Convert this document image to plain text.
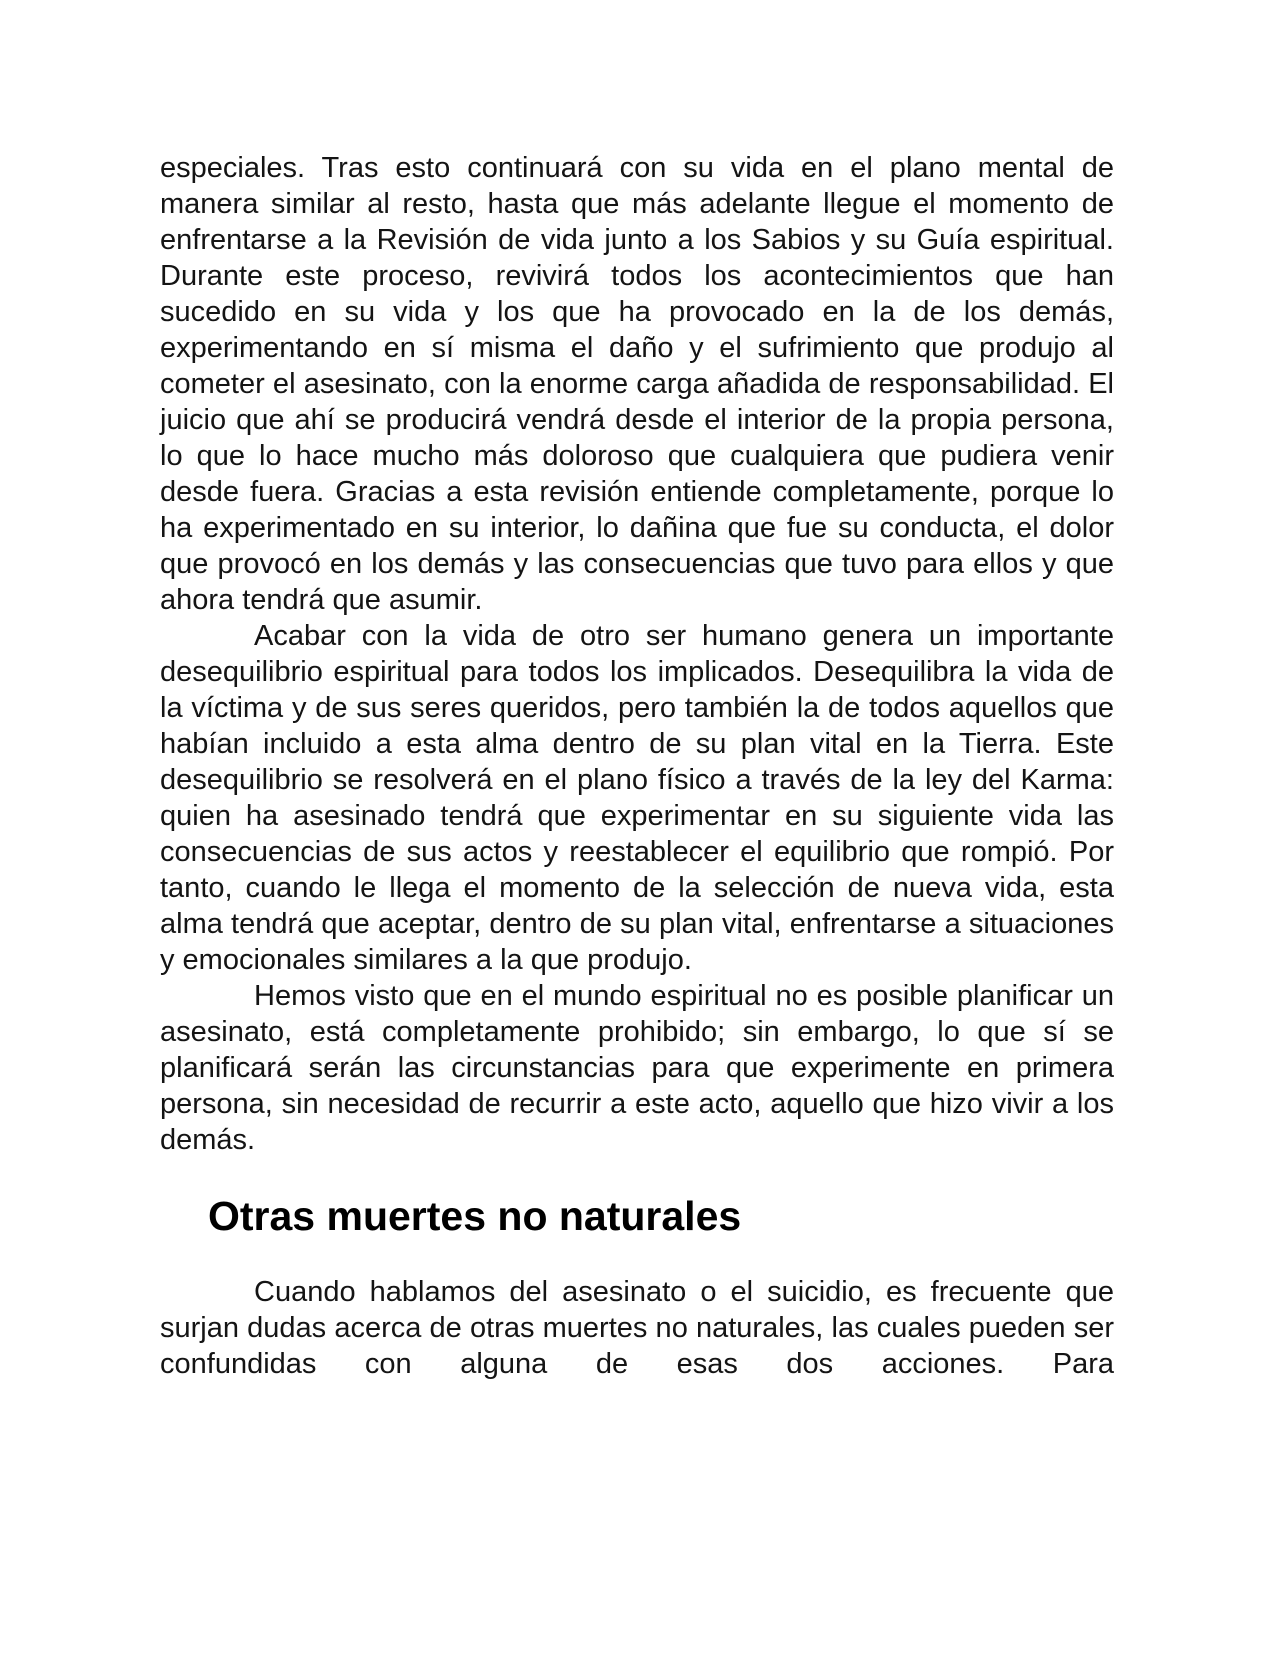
especiales. Tras esto continuará con su vida en el plano mental de manera similar al resto, hasta que más adelante llegue el momento de enfrentarse a la Revisión de vida junto a los Sabios y su Guía espiritual. Durante este proceso, revivirá todos los acontecimientos que han sucedido en su vida y los que ha provocado en la de los demás, experimentando en sí misma el daño y el sufrimiento que produjo al cometer el asesinato, con la enorme carga añadida de responsabilidad. El juicio que ahí se producirá vendrá desde el interior de la propia persona, lo que lo hace mucho más doloroso que cualquiera que pudiera venir desde fuera. Gracias a esta revisión entiende completamente, porque lo ha experimentado en su interior, lo dañina que fue su conducta, el dolor que provocó en los demás y las consecuencias que tuvo para ellos y que ahora tendrá que asumir.

Acabar con la vida de otro ser humano genera un importante desequilibrio espiritual para todos los implicados. Desequilibra la vida de la víctima y de sus seres queridos, pero también la de todos aquellos que habían incluido a esta alma dentro de su plan vital en la Tierra. Este desequilibrio se resolverá en el plano físico a través de la ley del Karma: quien ha asesinado tendrá que experimentar en su siguiente vida las consecuencias de sus actos y reestablecer el equilibrio que rompió. Por tanto, cuando le llega el momento de la selección de nueva vida, esta alma tendrá que aceptar, dentro de su plan vital, enfrentarse a situaciones y emocionales similares a la que produjo.

Hemos visto que en el mundo espiritual no es posible planificar un asesinato, está completamente prohibido; sin embargo, lo que sí se planificará serán las circunstancias para que experimente en primera persona, sin necesidad de recurrir a este acto, aquello que hizo vivir a los demás.

Otras muertes no naturales

Cuando hablamos del asesinato o el suicidio, es frecuente que surjan dudas acerca de otras muertes no naturales, las cuales pueden ser confundidas con alguna de esas dos acciones. Para
